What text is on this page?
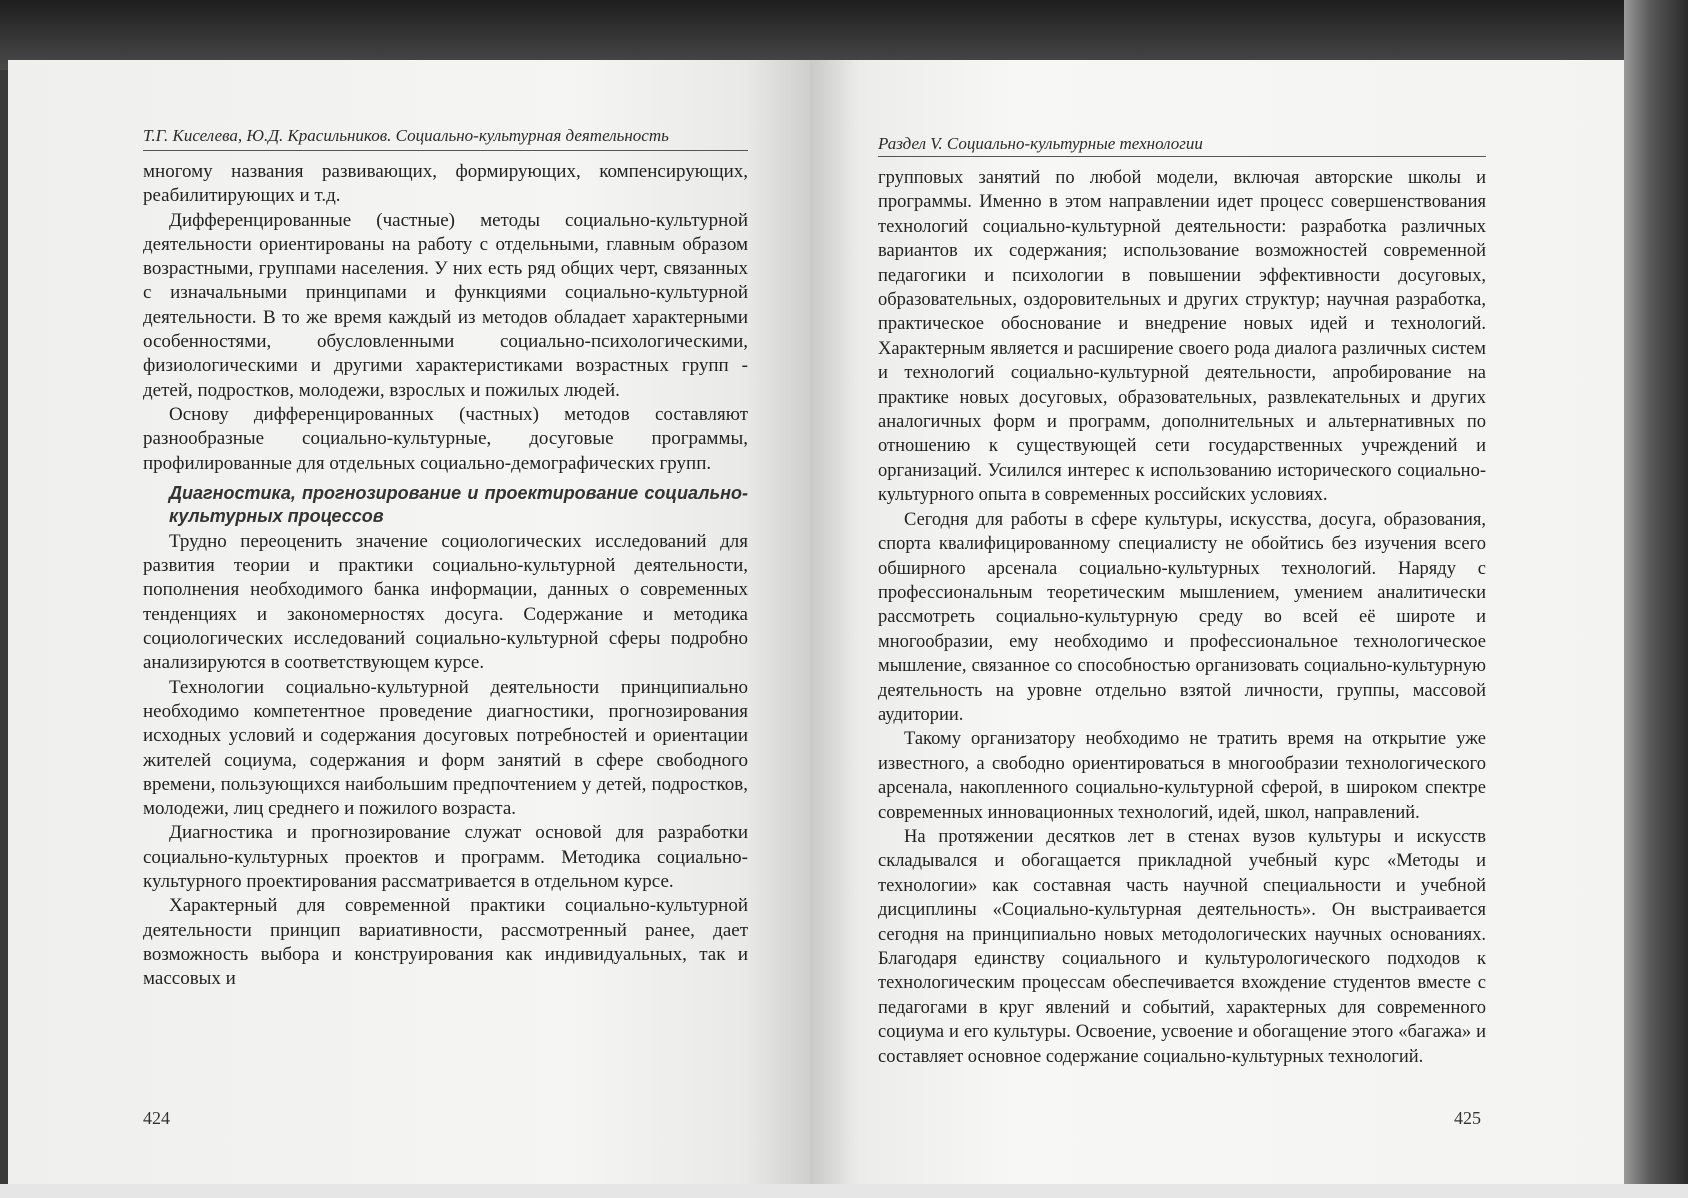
Т.Г. Киселева, Ю.Д. Красильников. Социально-культурная деятельность

многому названия развивающих, формирующих, компенсирующих, реабилитирующих и т.д.

Дифференцированные (частные) методы социально-культурной деятельности ориентированы на работу с отдельными, главным образом возрастными, группами населения. У них есть ряд общих черт, связанных с изначальными принципами и функциями социально-культурной деятельности. В то же время каждый из методов обладает характерными особенностями, обусловленными социально-психологическими, физиологическими и другими характеристиками возрастных групп - детей, подростков, молодежи, взрослых и пожилых людей.

Основу дифференцированных (частных) методов составляют разнообразные социально-культурные, досуговые программы, профилированные для отдельных социально-демографических групп.

Диагностика, прогнозирование и проектирование социально-культурных процессов

Трудно переоценить значение социологических исследований для развития теории и практики социально-культурной деятельности, пополнения необходимого банка информации, данных о современных тенденциях и закономерностях досуга. Содержание и методика социологических исследований социально-культурной сферы подробно анализируются в соответствующем курсе.

Технологии социально-культурной деятельности принципиально необходимо компетентное проведение диагностики, прогнозирования исходных условий и содержания досуговых потребностей и ориентации жителей социума, содержания и форм занятий в сфере свободного времени, пользующихся наибольшим предпочтением у детей, подростков, молодежи, лиц среднего и пожилого возраста.

Диагностика и прогнозирование служат основой для разработки социально-культурных проектов и программ. Методика социально-культурного проектирования рассматривается в отдельном курсе.

Характерный для современной практики социально-культурной деятельности принцип вариативности, рассмотренный ранее, дает возможность выбора и конструирования как индивидуальных, так и массовых и

424
Раздел V. Социально-культурные технологии

групповых занятий по любой модели, включая авторские школы и программы. Именно в этом направлении идет процесс совершенствования технологий социально-культурной деятельности: разработка различных вариантов их содержания; использование возможностей современной педагогики и психологии в повышении эффективности досуговых, образовательных, оздоровительных и других структур; научная разработка, практическое обоснование и внедрение новых идей и технологий. Характерным является и расширение своего рода диалога различных систем и технологий социально-культурной деятельности, апробирование на практике новых досуговых, образовательных, развлекательных и других аналогичных форм и программ, дополнительных и альтернативных по отношению к существующей сети государственных учреждений и организаций. Усилился интерес к использованию исторического социально-культурного опыта в современных российских условиях.

Сегодня для работы в сфере культуры, искусства, досуга, образования, спорта квалифицированному специалисту не обойтись без изучения всего обширного арсенала социально-культурных технологий. Наряду с профессиональным теоретическим мышлением, умением аналитически рассмотреть социально-культурную среду во всей её широте и многообразии, ему необходимо и профессиональное технологическое мышление, связанное со способностью организовать социально-культурную деятельность на уровне отдельно взятой личности, группы, массовой аудитории.

Такому организатору необходимо не тратить время на открытие уже известного, а свободно ориентироваться в многообразии технологического арсенала, накопленного социально-культурной сферой, в широком спектре современных инновационных технологий, идей, школ, направлений.

На протяжении десятков лет в стенах вузов культуры и искусств складывался и обогащается прикладной учебный курс «Методы и технологии» как составная часть научной специальности и учебной дисциплины «Социально-культурная деятельность». Он выстраивается сегодня на принципиально новых методологических научных основаниях. Благодаря единству социального и культурологического подходов к технологическим процессам обеспечивается вхождение студентов вместе с педагогами в круг явлений и событий, характерных для современного социума и его культуры. Освоение, усвоение и обогащение этого «багажа» и составляет основное содержание социально-культурных технологий.

425
